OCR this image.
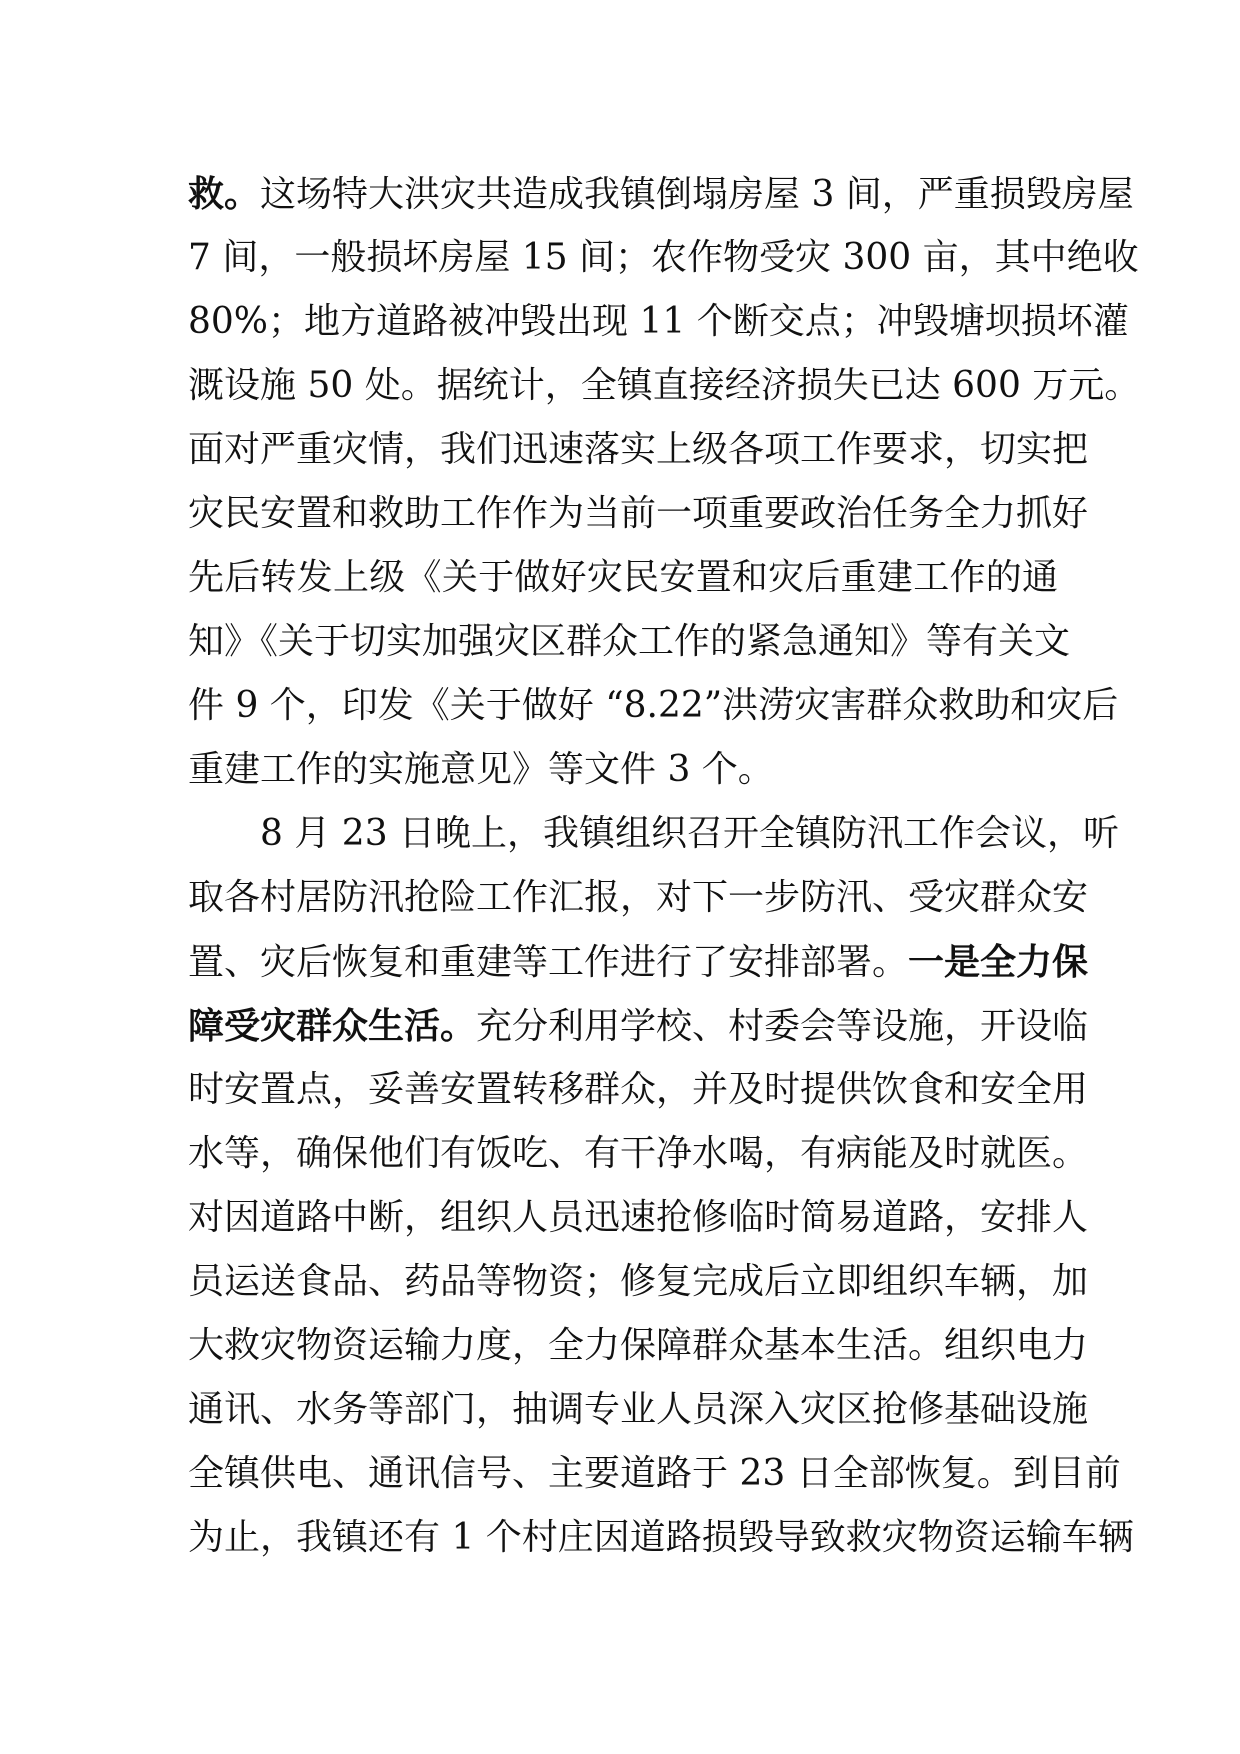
救。这场特大洪灾共造成我镇倒塌房屋 3 间，严重损毁房屋
7 间，一般损坏房屋 15 间；农作物受灾 300 亩，其中绝收
80%；地方道路被冲毁出现 11 个断交点；冲毁塘坝损坏灌
溉设施 50 处。据统计，全镇直接经济损失已达 600 万元。
面对严重灾情，我们迅速落实上级各项工作要求，切实把
灾民安置和救助工作作为当前一项重要政治任务全力抓好
先后转发上级《关于做好灾民安置和灾后重建工作的通
知》《关于切实加强灾区群众工作的紧急通知》等有关文
件 9 个，印发《关于做好 “8.22”洪涝灾害群众救助和灾后
重建工作的实施意见》等文件 3 个。
8 月 23 日晚上，我镇组织召开全镇防汛工作会议，听
取各村居防汛抢险工作汇报，对下一步防汛、受灾群众安
置、灾后恢复和重建等工作进行了安排部署。一是全力保
障受灾群众生活。充分利用学校、村委会等设施，开设临
时安置点，妥善安置转移群众，并及时提供饮食和安全用
水等，确保他们有饭吃、有干净水喝，有病能及时就医。
对因道路中断，组织人员迅速抢修临时简易道路，安排人
员运送食品、药品等物资；修复完成后立即组织车辆，加
大救灾物资运输力度，全力保障群众基本生活。组织电力
通讯、水务等部门，抽调专业人员深入灾区抢修基础设施
全镇供电、通讯信号、主要道路于 23 日全部恢复。到目前
为止，我镇还有 1 个村庄因道路损毁导致救灾物资运输车辆
